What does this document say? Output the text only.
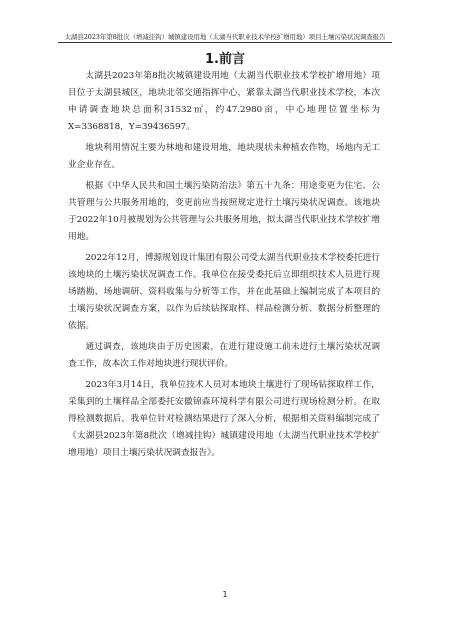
太湖县2023年第8批次（增减挂钩）城镇建设用地（太湖当代职业技术学校扩增用地）项目土壤污染状况调查报告
1.前言

太湖县2023年第8批次城镇建设用地（太湖当代职业技术学校扩增用地）项目位于太湖县城区，地块北邻交通指挥中心，紧靠太湖当代职业技术学校，本次申请调查地块总面积31532㎡，约47.2980亩，中心地理位置坐标为X=3368818，Y=39436597。

地块利用情况主要为林地和建设用地，地块现状未种植农作物，场地内无工业企业存在。

根据《中华人民共和国土壤污染防治法》第五十九条：用途变更为住宅、公共管理与公共服务用地的，变更前应当按照规定进行土壤污染状况调查。该地块于2022年10月被规划为公共管理与公共服务用地，拟太湖当代职业技术学校扩增用地。

2022年12月，博源规划设计集团有限公司受太湖当代职业技术学校委托进行该地块的土壤污染状况调查工作。我单位在接受委托后立即组织技术人员进行现场踏勘、场地调研、资料收集与分析等工作，并在此基础上编制完成了本项目的土壤污染状况调查方案，以作为后续钻探取样、样品检测分析、数据分析整理的依据。

通过调查，该地块由于历史因素，在进行建设施工前未进行土壤污染状况调查工作，故本次工作对地块进行现状评价。

2023年3月14日，我单位技术人员对本地块土壤进行了现场钻探取样工作，采集到的土壤样品全部委托安徽锦森环境科学有限公司进行现场检测分析。在取得检测数据后，我单位针对检测结果进行了深入分析，根据相关资料编制完成了《太湖县2023年第8批次（增减挂钩）城镇建设用地（太湖当代职业技术学校扩增用地）项目土壤污染状况调查报告》。

1
